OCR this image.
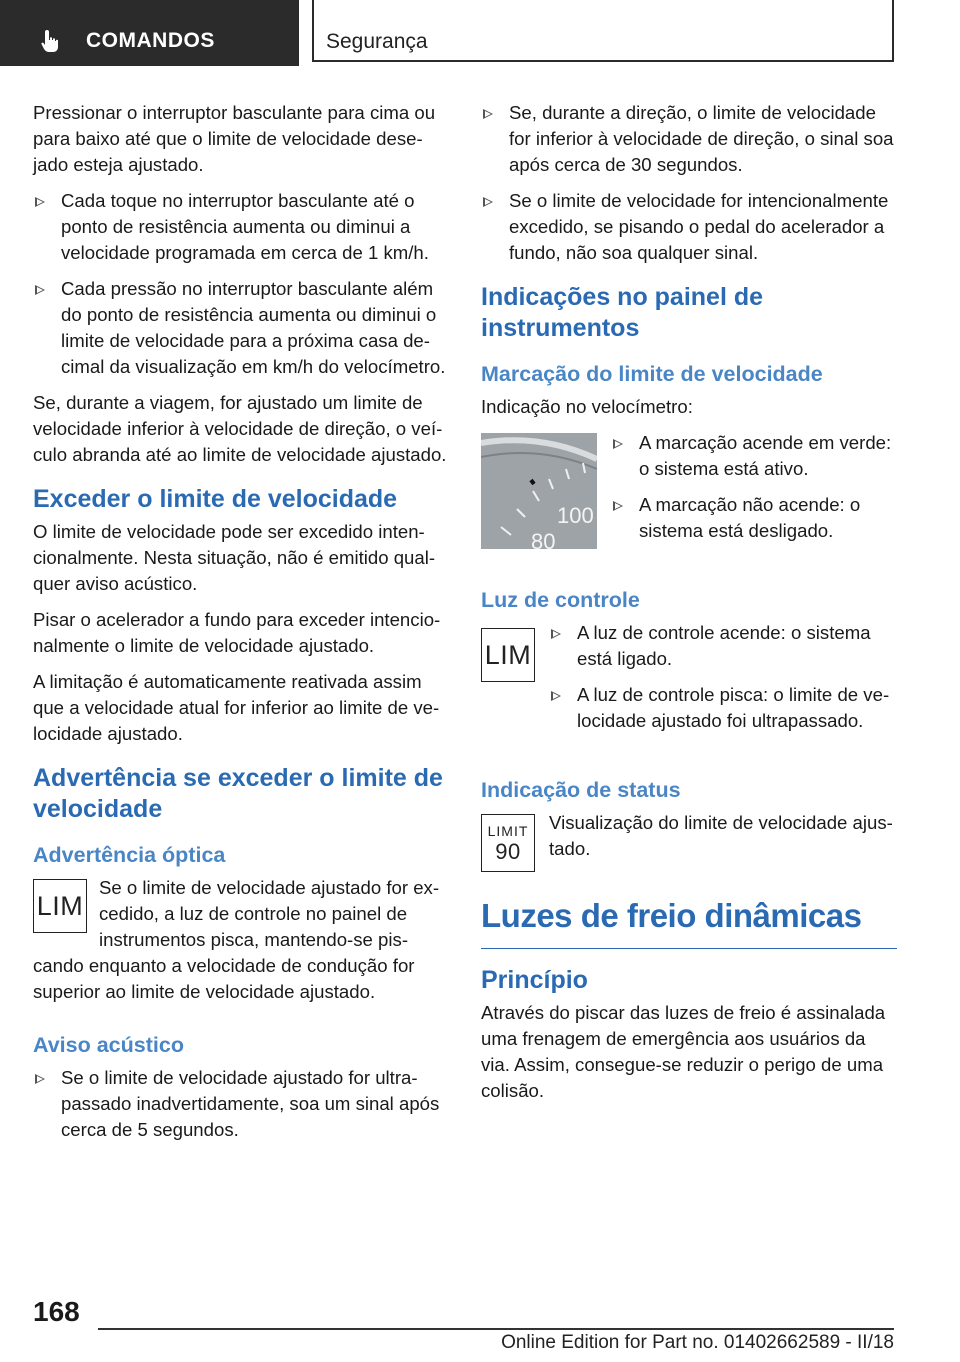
COMANDOS	Segurança

Pressionar o interruptor basculante para cima ou para baixo até que o limite de velocidade desejado esteja ajustado.

Cada toque no interruptor basculante até o ponto de resistência aumenta ou diminui a velocidade programada em cerca de 1 km/h.
Cada pressão no interruptor basculante além do ponto de resistência aumenta ou diminui o limite de velocidade para a próxima casa decimal da visualização em km/h do velocímetro.

Se, durante a viagem, for ajustado um limite de velocidade inferior à velocidade de direção, o veículo abranda até ao limite de velocidade ajustado.

Exceder o limite de velocidade

O limite de velocidade pode ser excedido intencionalmente. Nesta situação, não é emitido qualquer aviso acústico.

Pisar o acelerador a fundo para exceder intencionalmente o limite de velocidade ajustado.

A limitação é automaticamente reativada assim que a velocidade atual for inferior ao limite de velocidade ajustado.

Advertência se exceder o limite de velocidade
Advertência óptica
LIM

Se o limite de velocidade ajustado for excedido, a luz de controle no painel de instrumentos pisca, mantendo-se piscando enquanto a velocidade de condução for superior ao limite de velocidade ajustado.

Aviso acústico
Se o limite de velocidade ajustado for ultrapassado inadvertidamente, soa um sinal após cerca de 5 segundos.
Se, durante a direção, o limite de velocidade for inferior à velocidade de direção, o sinal soa após cerca de 30 segundos.
Se o limite de velocidade for intencionalmente excedido, se pisando o pedal do acelerador a fundo, não soa qualquer sinal.
Indicações no painel de instrumentos
Marcação do limite de velocidade

Indicação no velocímetro:

100
80
A marcação acende em verde: o sistema está ativo.
A marcação não acende: o sistema está desligado.
Luz de controle
LIM
A luz de controle acende: o sistema está ligado.
A luz de controle pisca: o limite de velocidade ajustado foi ultrapassado.
Indicação de status
LIMIT
90

Visualização do limite de velocidade ajustado.

Luzes de freio dinâmicas
Princípio

Através do piscar das luzes de freio é assinalada uma frenagem de emergência aos usuários da via. Assim, consegue-se reduzir o perigo de uma colisão.

168
Online Edition for Part no. 01402662589 - II/18
